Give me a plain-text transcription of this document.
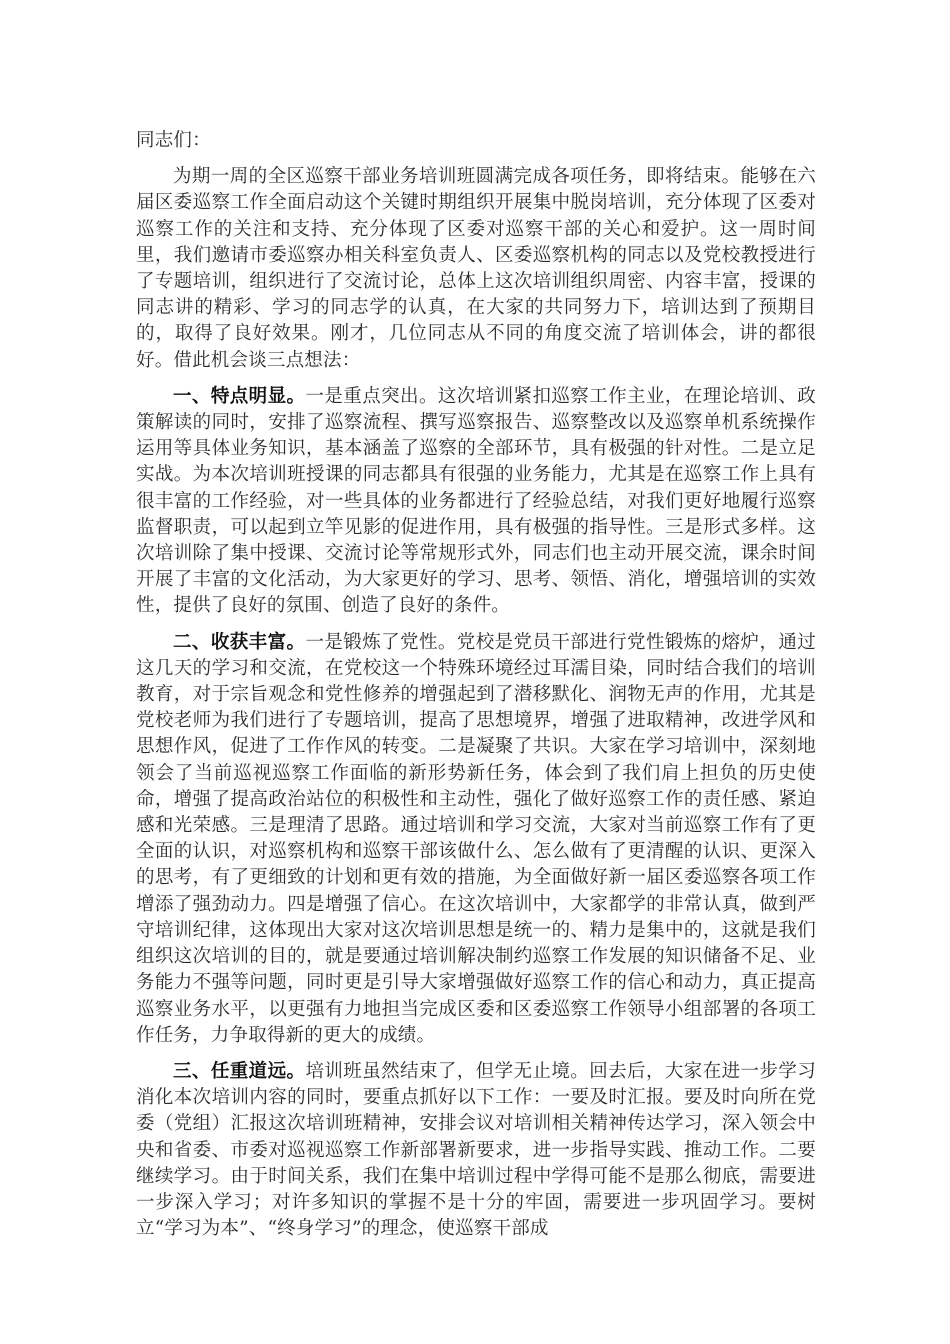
同志们：

为期一周的全区巡察干部业务培训班圆满完成各项任务，即将结束。能够在六届区委巡察工作全面启动这个关键时期组织开展集中脱岗培训，充分体现了区委对巡察工作的关注和支持、充分体现了区委对巡察干部的关心和爱护。这一周时间里，我们邀请市委巡察办相关科室负责人、区委巡察机构的同志以及党校教授进行了专题培训，组织进行了交流讨论，总体上这次培训组织周密、内容丰富，授课的同志讲的精彩、学习的同志学的认真，在大家的共同努力下，培训达到了预期目的，取得了良好效果。刚才，几位同志从不同的角度交流了培训体会，讲的都很好。借此机会谈三点想法：

一、特点明显。一是重点突出。这次培训紧扣巡察工作主业，在理论培训、政策解读的同时，安排了巡察流程、撰写巡察报告、巡察整改以及巡察单机系统操作运用等具体业务知识，基本涵盖了巡察的全部环节，具有极强的针对性。二是立足实战。为本次培训班授课的同志都具有很强的业务能力，尤其是在巡察工作上具有很丰富的工作经验，对一些具体的业务都进行了经验总结，对我们更好地履行巡察监督职责，可以起到立竿见影的促进作用，具有极强的指导性。三是形式多样。这次培训除了集中授课、交流讨论等常规形式外，同志们也主动开展交流，课余时间开展了丰富的文化活动，为大家更好的学习、思考、领悟、消化，增强培训的实效性，提供了良好的氛围、创造了良好的条件。

二、收获丰富。一是锻炼了党性。党校是党员干部进行党性锻炼的熔炉，通过这几天的学习和交流，在党校这一个特殊环境经过耳濡目染，同时结合我们的培训教育，对于宗旨观念和党性修养的增强起到了潜移默化、润物无声的作用，尤其是党校老师为我们进行了专题培训，提高了思想境界，增强了进取精神，改进学风和思想作风，促进了工作作风的转变。二是凝聚了共识。大家在学习培训中，深刻地领会了当前巡视巡察工作面临的新形势新任务，体会到了我们肩上担负的历史使命，增强了提高政治站位的积极性和主动性，强化了做好巡察工作的责任感、紧迫感和光荣感。三是理清了思路。通过培训和学习交流，大家对当前巡察工作有了更全面的认识，对巡察机构和巡察干部该做什么、怎么做有了更清醒的认识、更深入的思考，有了更细致的计划和更有效的措施，为全面做好新一届区委巡察各项工作增添了强劲动力。四是增强了信心。在这次培训中，大家都学的非常认真，做到严守培训纪律，这体现出大家对这次培训思想是统一的、精力是集中的，这就是我们组织这次培训的目的，就是要通过培训解决制约巡察工作发展的知识储备不足、业务能力不强等问题，同时更是引导大家增强做好巡察工作的信心和动力，真正提高巡察业务水平，以更强有力地担当完成区委和区委巡察工作领导小组部署的各项工作任务，力争取得新的更大的成绩。

三、任重道远。培训班虽然结束了，但学无止境。回去后，大家在进一步学习消化本次培训内容的同时，要重点抓好以下工作：一要及时汇报。要及时向所在党委（党组）汇报这次培训班精神，安排会议对培训相关精神传达学习，深入领会中央和省委、市委对巡视巡察工作新部署新要求，进一步指导实践、推动工作。二要继续学习。由于时间关系，我们在集中培训过程中学得可能不是那么彻底，需要进一步深入学习；对许多知识的掌握不是十分的牢固，需要进一步巩固学习。要树立“学习为本”、“终身学习”的理念，使巡察干部成
